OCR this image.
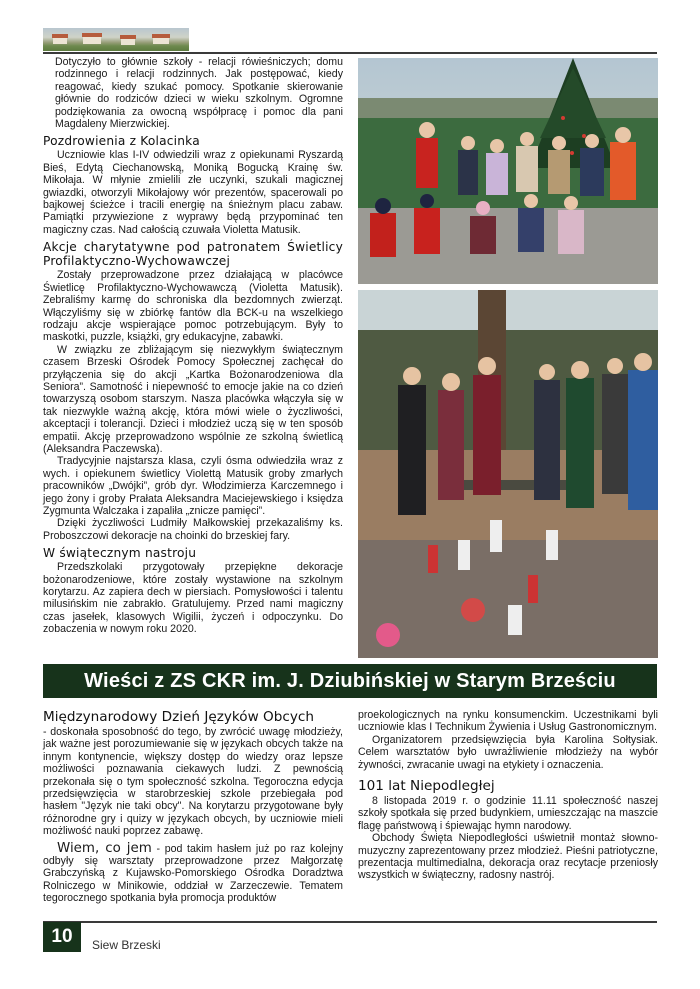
Dotyczyło to głównie szkoły - relacji rówieśniczych; domu rodzinnego i relacji rodzinnych. Jak postępować, kiedy reagować, kiedy szukać pomocy. Spotkanie skierowanie głównie do rodziców dzieci w wieku szkolnym. Ogromne podziękowania za owocną współpracę i pomoc dla pani Magdaleny Mierzwickiej.

Pozdrowienia z Kolacinka

Uczniowie klas I-IV odwiedzili wraz z opiekunami Ryszardą Bieś, Edytą Ciechanowską, Moniką Bogucką Krainę św. Mikołaja. W młynie zmielili złe uczynki, szukali magicznej gwiazdki, otworzyli Mikołajowy wór prezentów, spacerowali po bajkowej ścieżce i tracili energię na śnieżnym placu zabaw. Pamiątki przywiezione z wyprawy będą przypominać ten magiczny czas. Nad całością czuwała Violetta Matusik.

Akcje charytatywne pod patronatem Świetlicy Profilaktyczno-Wychowawczej

Zostały przeprowadzone przez działającą w placówce Świetlicę Profilaktyczno-Wychowawczą (Violetta Matusik). Zebraliśmy karmę do schroniska dla bezdomnych zwierząt. Włączyliśmy się w zbiórkę fantów dla BCK-u na wszelkiego rodzaju akcje wspierające pomoc potrzebującym. Były to maskotki, puzzle, książki, gry edukacyjne, zabawki.

W związku ze zbliżającym się niezwykłym świątecznym czasem Brzeski Ośrodek Pomocy Społecznej zachęcał do przyłączenia się do akcji „Kartka Bożonarodzeniowa dla Seniora”. Samotność i niepewność to emocje jakie na co dzień towarzyszą osobom starszym. Nasza placówka włączyła się w tak niezwykle ważną akcję, która mówi wiele o życzliwości, akceptacji i tolerancji. Dzieci i młodzież uczą się w ten sposób empatii. Akcję przeprowadzono wspólnie ze szkolną świetlicą (Aleksandra Paczewska).

Tradycyjnie najstarsza klasa, czyli ósma odwiedziła wraz z wych. i opiekunem świetlicy Violettą Matusik groby zmarłych pracowników „Dwójki”, grób dyr. Włodzimierza Karczemnego i jego żony i groby Prałata Aleksandra Maciejewskiego i księdza Zygmunta Walczaka i zapaliła „znicze pamięci”.

Dzięki życzliwości Ludmiły Małkowskiej przekazaliśmy ks. Proboszczowi dekoracje na choinki do brzeskiej fary.

W świątecznym nastroju

Przedszkolaki przygotowały przepiękne dekoracje bożonarodzeniowe, które zostały wystawione na szkolnym korytarzu. Az zapiera dech w piersiach. Pomysłowości i talentu milusińskim nie zabrakło. Gratulujemy. Przed nami magiczny czas jasełek, klasowych Wigilii, życzeń i odpoczynku. Do zobaczenia w nowym roku 2020.

Wieści z ZS CKR im. J. Dziubińskiej w Starym Brześciu
Międzynarodowy Dzień Języków Obcych

- doskonała sposobność do tego, by zwrócić uwagę młodzieży, jak ważne jest porozumiewanie się w językach obcych także na innym kontynencie, większy dostęp do wiedzy oraz lepsze możliwości poznawania ciekawych ludzi. Z pewnością przekonała się o tym społeczność szkolna. Tegoroczna edycja przedsięwzięcia w starobrzeskiej szkole przebiegała pod hasłem "Język nie taki obcy". Na korytarzu przygotowane były różnorodne gry i quizy w językach obcych, by uczniowie mieli możliwość nauki poprzez zabawę.

Wiem, co jem - pod takim hasłem już po raz kolejny odbyły się warsztaty przeprowadzone przez Małgorzatę Grabczyńską z Kujawsko-Pomorskiego Ośrodka Doradztwa Rolniczego w Minikowie, oddział w Zarzeczewie. Tematem tegorocznego spotkania była promocja produktów

proekologicznych na rynku konsumenckim. Uczestnikami byli uczniowie klas I Technikum Żywienia i Usług Gastronomicznym.

Organizatorem przedsięwzięcia była Karolina Sołtysiak. Celem warsztatów było uwrażliwienie młodzieży na wybór żywności, zwracanie uwagi na etykiety i oznaczenia.

101 lat Niepodległej

8 listopada 2019 r. o godzinie 11.11 społeczność naszej szkoły spotkała się przed budynkiem, umieszczając na maszcie flagę państwową i śpiewając hymn narodowy.

Obchody Święta Niepodległości uświetnił montaż słowno-muzyczny zaprezentowany przez młodzież. Pieśni patriotyczne, prezentacja multimedialna, dekoracja oraz recytacje przeniosły wszystkich w świąteczny, radosny nastrój.

10	Siew Brzeski
